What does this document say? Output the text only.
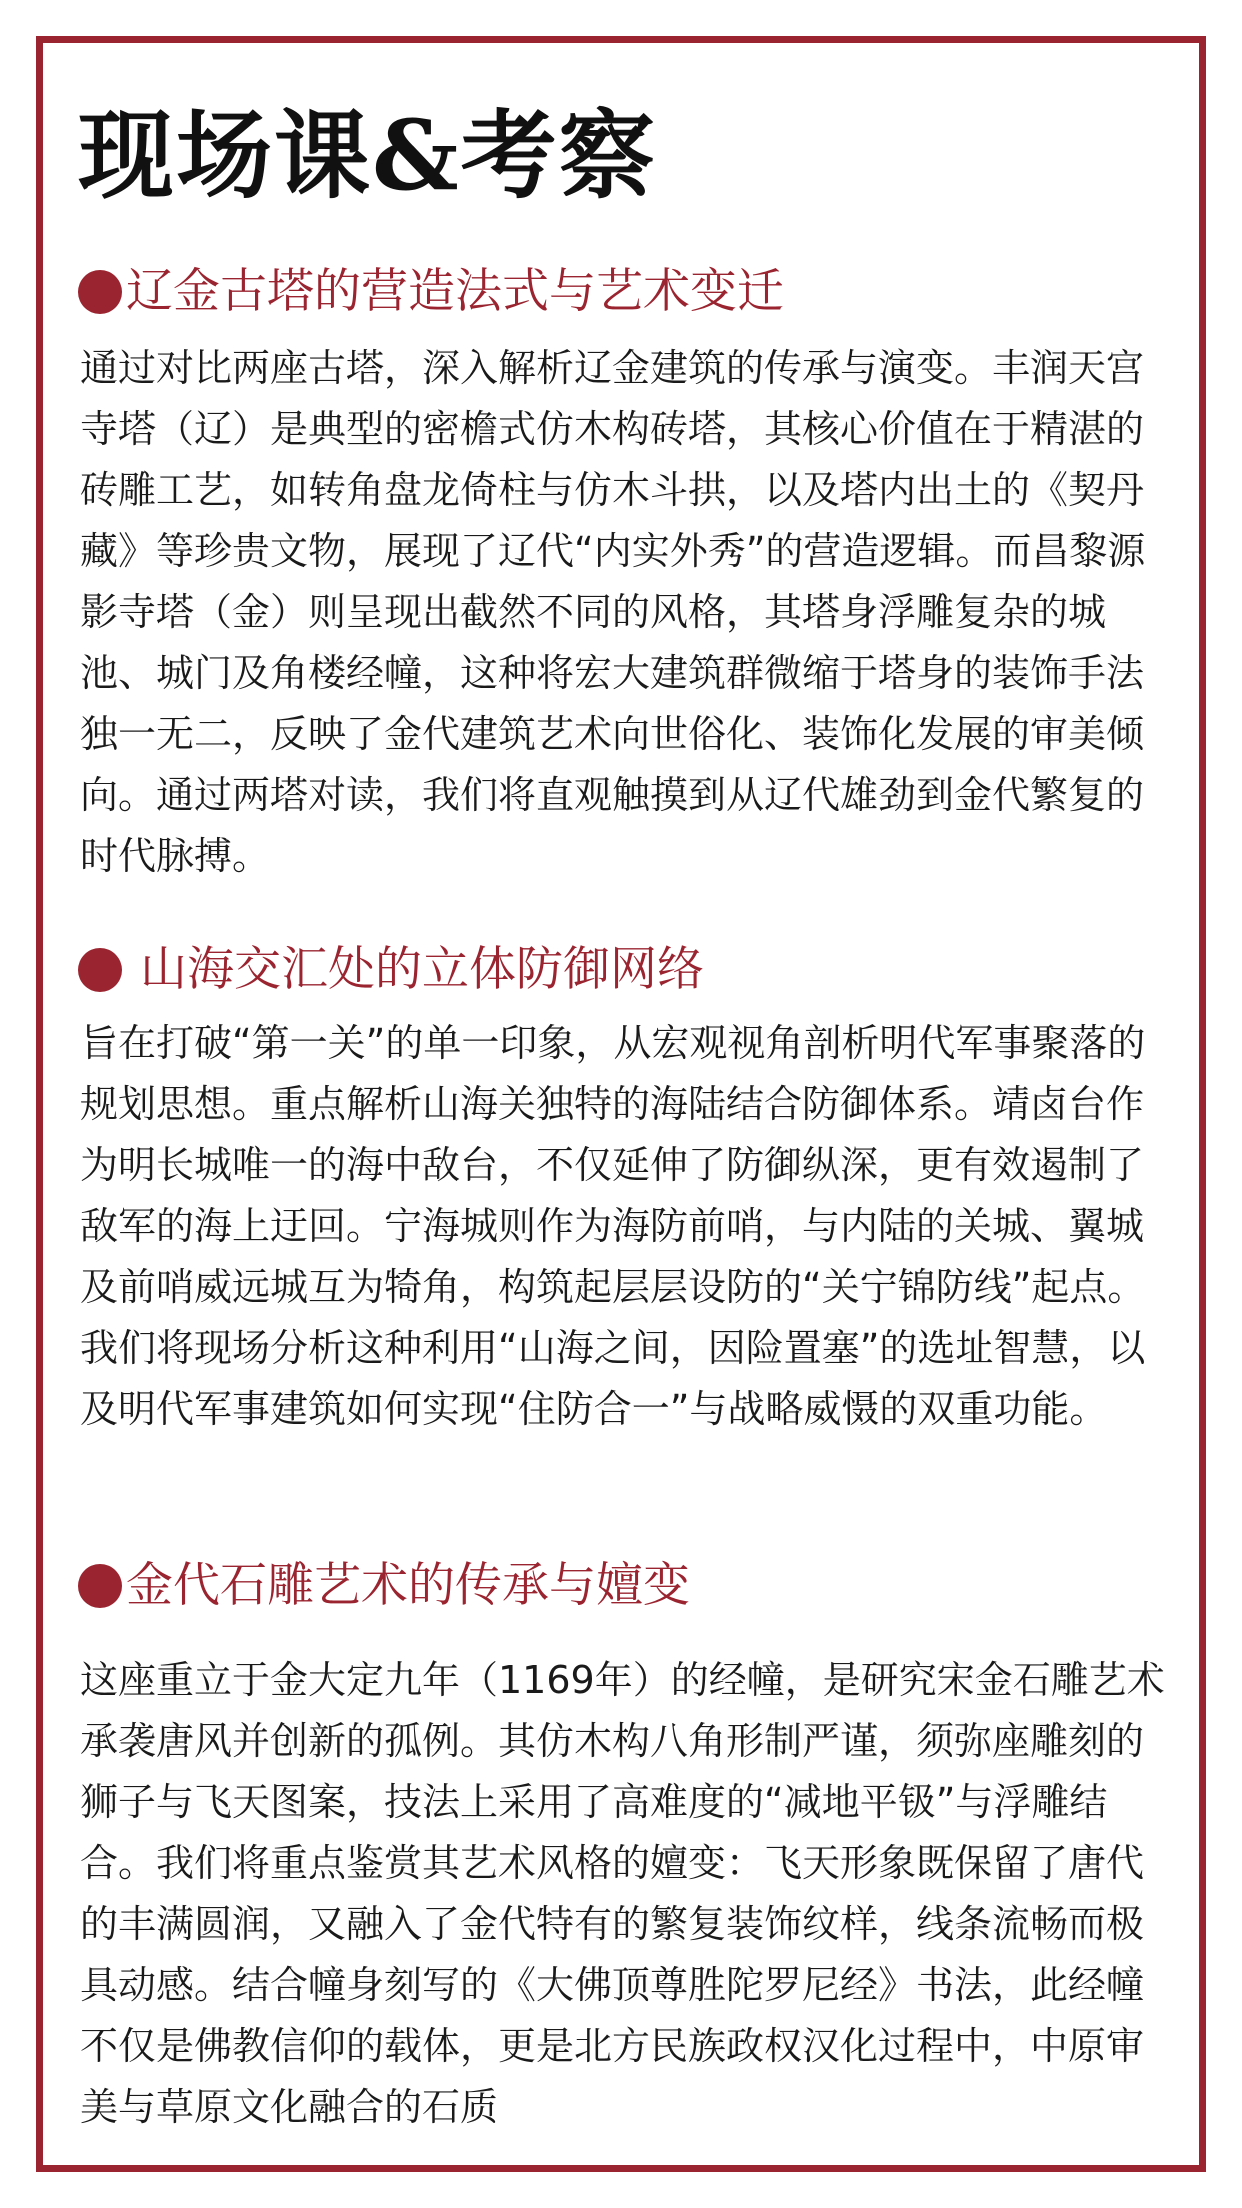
现场课&考察
辽金古塔的营造法式与艺术变迁

通过对比两座古塔，深入解析辽金建筑的传承与演变。丰润天宫寺塔（辽）是典型的密檐式仿木构砖塔，其核心价值在于精湛的砖雕工艺，如转角盘龙倚柱与仿木斗拱，以及塔内出土的《契丹藏》等珍贵文物，展现了辽代“内实外秀”的营造逻辑。而昌黎源影寺塔（金）则呈现出截然不同的风格，其塔身浮雕复杂的城池、城门及角楼经幢，这种将宏大建筑群微缩于塔身的装饰手法独一无二，反映了金代建筑艺术向世俗化、装饰化发展的审美倾向。通过两塔对读，我们将直观触摸到从辽代雄劲到金代繁复的时代脉搏。

山海交汇处的立体防御网络

旨在打破“第一关”的单一印象，从宏观视角剖析明代军事聚落的规划思想。重点解析山海关独特的海陆结合防御体系。靖卤台作为明长城唯一的海中敌台，不仅延伸了防御纵深，更有效遏制了敌军的海上迂回。宁海城则作为海防前哨，与内陆的关城、翼城及前哨威远城互为犄角，构筑起层层设防的“关宁锦防线”起点。我们将现场分析这种利用“山海之间，因险置塞”的选址智慧，以及明代军事建筑如何实现“住防合一”与战略威慑的双重功能。

金代石雕艺术的传承与嬗变

这座重立于金大定九年（1169年）的经幢，是研究宋金石雕艺术承袭唐风并创新的孤例。其仿木构八角形制严谨，须弥座雕刻的狮子与飞天图案，技法上采用了高难度的“减地平钑”与浮雕结合。我们将重点鉴赏其艺术风格的嬗变：飞天形象既保留了唐代的丰满圆润，又融入了金代特有的繁复装饰纹样，线条流畅而极具动感。结合幢身刻写的《大佛顶尊胜陀罗尼经》书法，此经幢不仅是佛教信仰的载体，更是北方民族政权汉化过程中，中原审美与草原文化融合的石质
